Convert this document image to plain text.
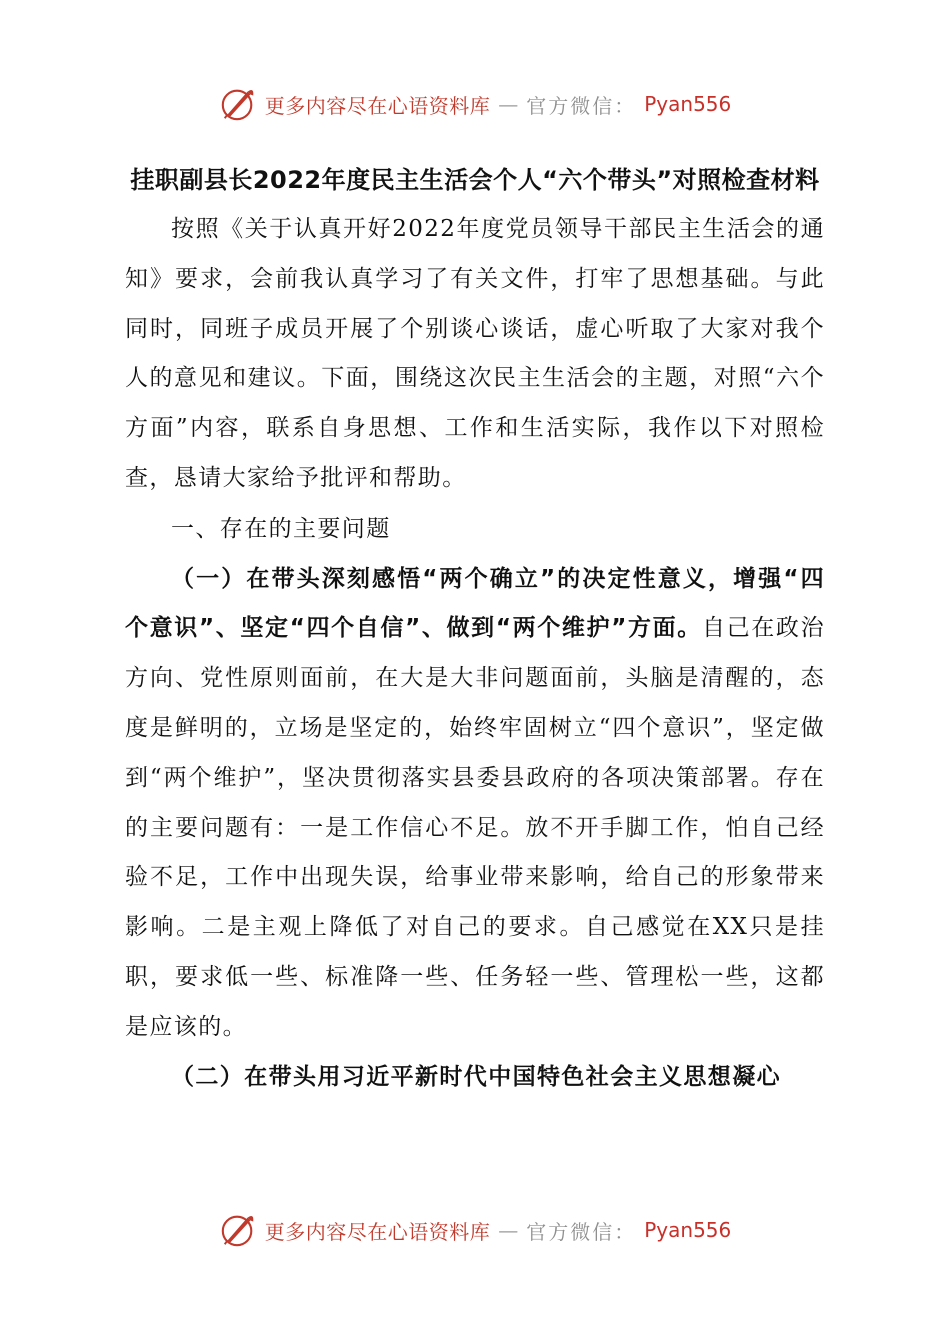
更多内容尽在心语资料库 — 官方微信： Pyan556
挂职副县长2022年度民主生活会个人“六个带头”对照检查材料

按照《关于认真开好2022年度党员领导干部民主生活会的通知》要求，会前我认真学习了有关文件，打牢了思想基础。与此同时，同班子成员开展了个别谈心谈话，虚心听取了大家对我个人的意见和建议。下面，围绕这次民主生活会的主题，对照“六个方面”内容，联系自身思想、工作和生活实际，我作以下对照检查，恳请大家给予批评和帮助。

一、存在的主要问题

（一）在带头深刻感悟“两个确立”的决定性意义，增强“四个意识”、坚定“四个自信”、做到“两个维护”方面。自己在政治方向、党性原则面前，在大是大非问题面前，头脑是清醒的，态度是鲜明的，立场是坚定的，始终牢固树立“四个意识”，坚定做到“两个维护”，坚决贯彻落实县委县政府的各项决策部署。存在的主要问题有：一是工作信心不足。放不开手脚工作，怕自己经验不足，工作中出现失误，给事业带来影响，给自己的形象带来影响。二是主观上降低了对自己的要求。自己感觉在XX只是挂职，要求低一些、标准降一些、任务轻一些、管理松一些，这都是应该的。

（二）在带头用习近平新时代中国特色社会主义思想凝心

更多内容尽在心语资料库 — 官方微信： Pyan556
